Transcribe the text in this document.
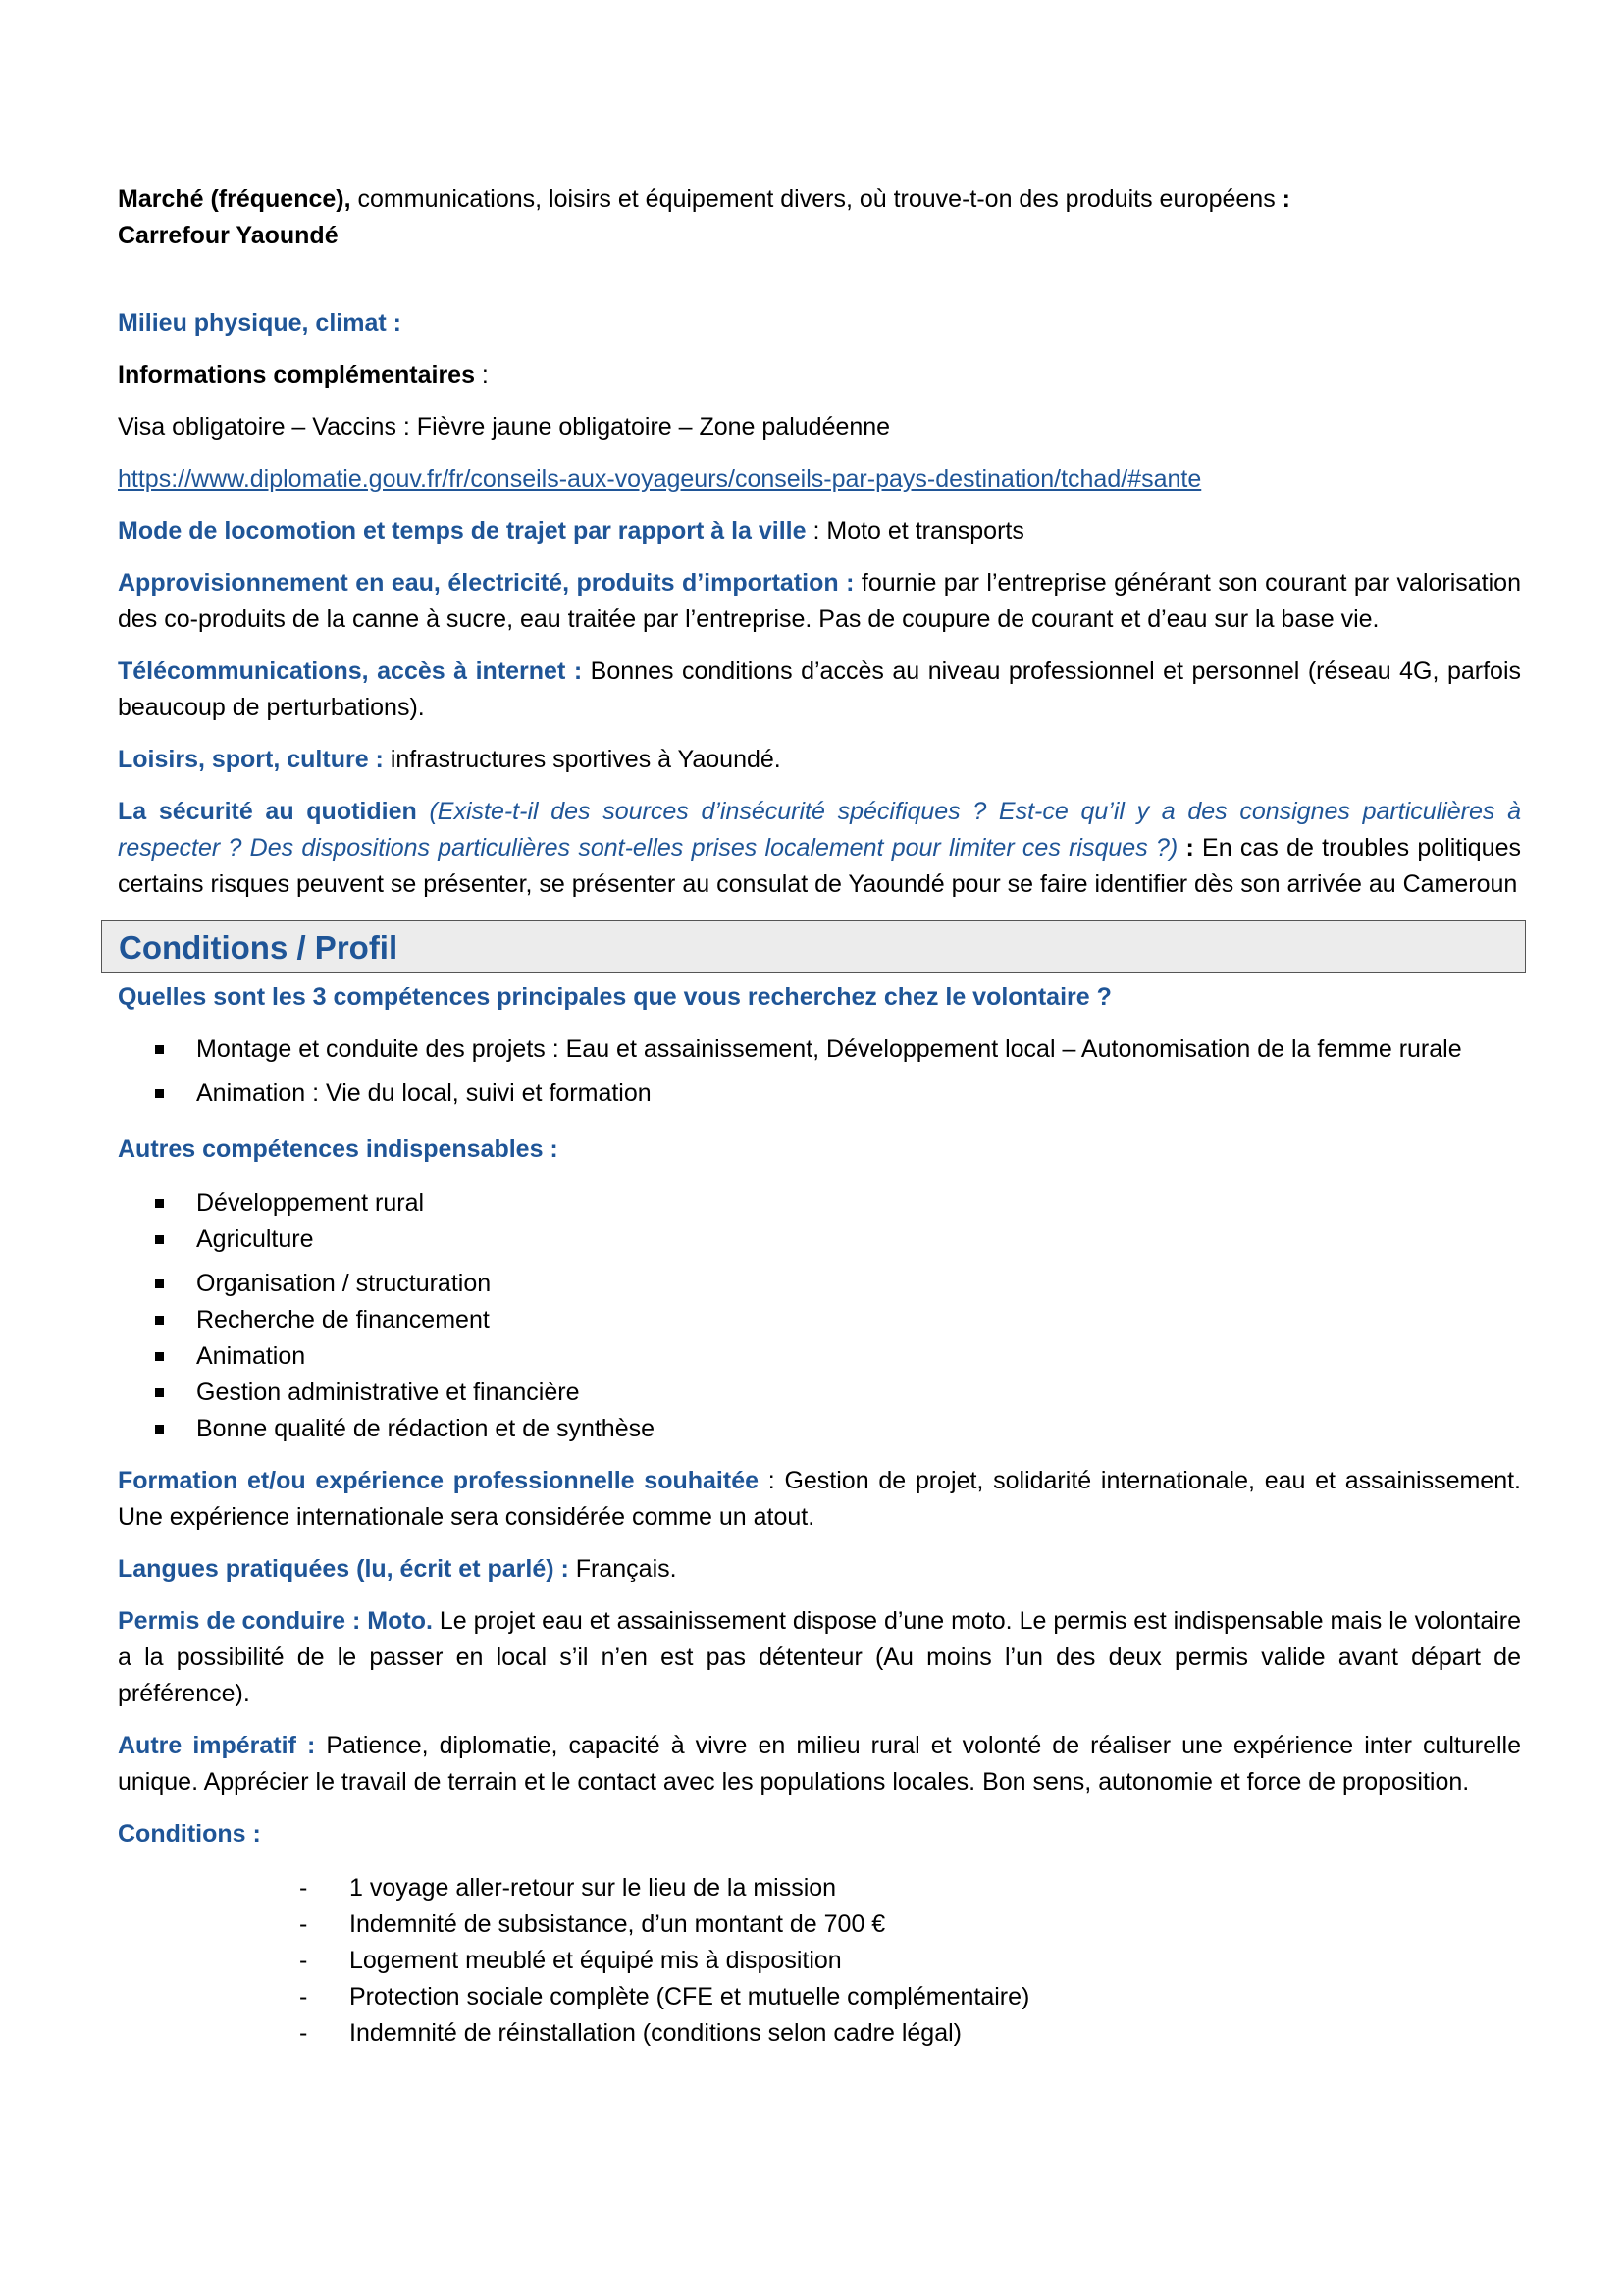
Marché (fréquence), communications, loisirs et équipement divers, où trouve-t-on des produits européens :
Carrefour Yaoundé

Milieu physique, climat :

Informations complémentaires :

Visa obligatoire – Vaccins : Fièvre jaune obligatoire – Zone paludéenne

https://www.diplomatie.gouv.fr/fr/conseils-aux-voyageurs/conseils-par-pays-destination/tchad/#sante

Mode de locomotion et temps de trajet par rapport à la ville : Moto et transports

Approvisionnement en eau, électricité, produits d’importation : fournie par l’entreprise générant son courant par valorisation des co-produits de la canne à sucre, eau traitée par l’entreprise. Pas de coupure de courant et d’eau sur la base vie.

Télécommunications, accès à internet : Bonnes conditions d’accès au niveau professionnel et personnel (réseau 4G, parfois beaucoup de perturbations).

Loisirs, sport, culture : infrastructures sportives à Yaoundé.

La sécurité au quotidien (Existe-t-il des sources d’insécurité spécifiques ? Est-ce qu’il y a des consignes particulières à respecter ? Des dispositions particulières sont-elles prises localement pour limiter ces risques ?) : En cas de troubles politiques certains risques peuvent se présenter, se présenter au consulat de Yaoundé pour se faire identifier dès son arrivée au Cameroun

Conditions / Profil

Quelles sont les 3 compétences principales que vous recherchez chez le volontaire ?

Montage et conduite des projets : Eau et assainissement, Développement local – Autonomisation de la femme rurale
Animation : Vie du local, suivi et formation

Autres compétences indispensables :

Développement rural
Agriculture
Organisation / structuration
Recherche de financement
Animation
Gestion administrative et financière
Bonne qualité de rédaction et de synthèse

Formation et/ou expérience professionnelle souhaitée : Gestion de projet, solidarité internationale, eau et assainissement. Une expérience internationale sera considérée comme un atout.

Langues pratiquées (lu, écrit et parlé) : Français.

Permis de conduire : Moto. Le projet eau et assainissement dispose d’une moto. Le permis est indispensable mais le volontaire a la possibilité de le passer en local s’il n’en est pas détenteur (Au moins l’un des deux permis valide avant départ de préférence).

Autre impératif : Patience, diplomatie, capacité à vivre en milieu rural et volonté de réaliser une expérience inter culturelle unique. Apprécier le travail de terrain et le contact avec les populations locales. Bon sens, autonomie et force de proposition.

Conditions :

- 1 voyage aller-retour sur le lieu de la mission
- Indemnité de subsistance, d’un montant de 700 €
- Logement meublé et équipé mis à disposition
- Protection sociale complète (CFE et mutuelle complémentaire)
- Indemnité de réinstallation (conditions selon cadre légal)
